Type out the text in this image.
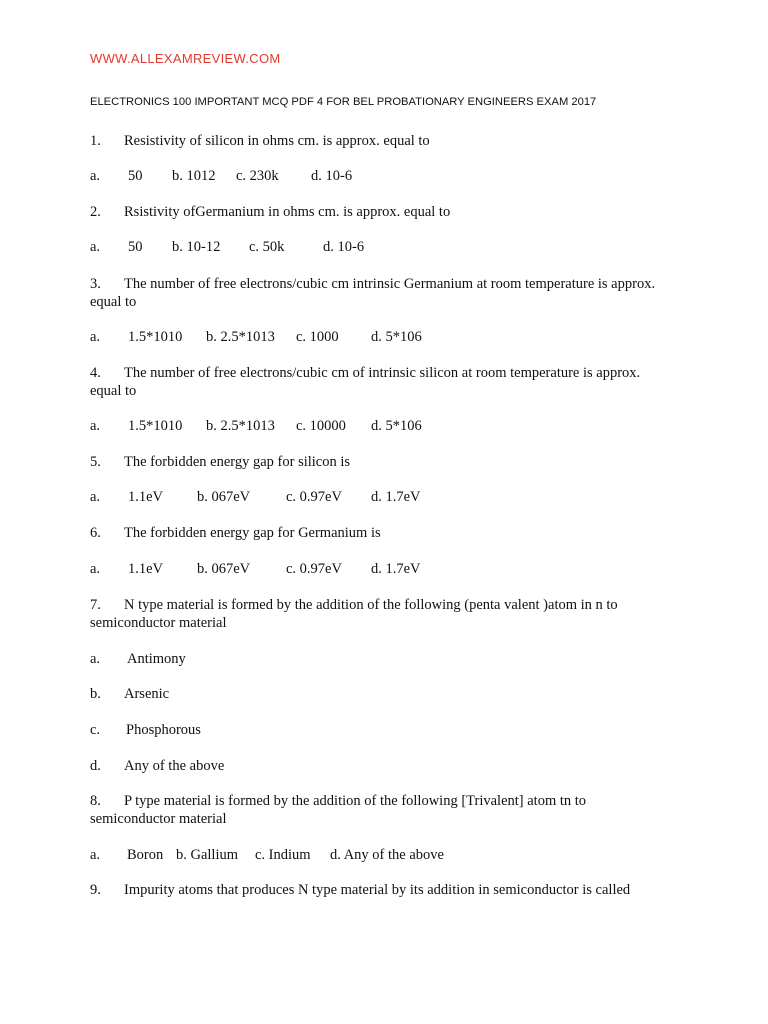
WWW.ALLEXAMREVIEW.COM
ELECTRONICS 100 IMPORTANT MCQ PDF 4 FOR BEL PROBATIONARY ENGINEERS EXAM 2017
1. Resistivity of silicon in ohms cm. is approx. equal to
a. 50 b. 1012 c. 230k d. 10-6
2. Rsistivity ofGermanium in ohms cm. is approx. equal to
a. 50 b. 10-12 c. 50k	d. 10-6
3. The number of free electrons/cubic cm intrinsic Germanium at room temperature is approx.
equal to
a. 1.5*1010 b. 2.5*1013 c. 1000 d. 5*106
4. The number of free electrons/cubic cm of intrinsic silicon at room temperature is approx.
equal to
a. 1.5*1010 b. 2.5*1013 c. 10000 d. 5*106
5. The forbidden energy gap for silicon is
a. 1.1eV b. 067eV c. 0.97eV d. 1.7eV
6. The forbidden energy gap for Germanium is
a. 1.1eV b. 067eV c. 0.97eV d. 1.7eV
7. N type material is formed by the addition of the following (penta valent )atom in n to
semiconductor material
a. Antimony
b. Arsenic
c. Phosphorous
d. Any of the above
8. P type material is formed by the addition of the following [Trivalent] atom tn to
semiconductor material
a. Boron b. Gallium c. Indium d. Any of the above
9. Impurity atoms that produces N type material by its addition in semiconductor is called
